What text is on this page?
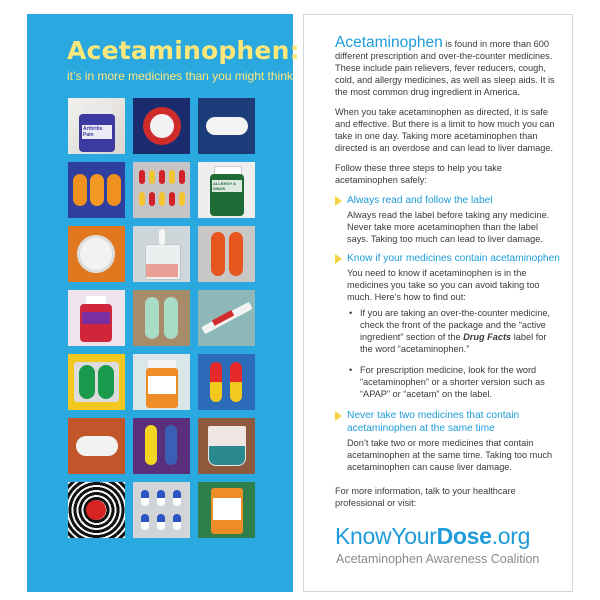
Acetaminophen:

it’s in more medicines than you might think

Arthritis Pain
ALLERGY & SINUS HEADACHE

Acetaminophen is found in more than 600 different prescription and over-the-counter medicines. These include pain relievers, fever reducers, cough, cold, and allergy medicines, as well as sleep aids. It is the most common drug ingredient in America.

When you take acetaminophen as directed, it is safe and effective. But there is a limit to how much you can take in one day. Taking more acetaminophen than directed is an overdose and can lead to liver damage.

Follow these three steps to help you take acetaminophen safely:

Always read and follow the label

Always read the label before taking any medicine. Never take more acetaminophen than the label says. Taking too much can lead to liver damage.

Know if your medicines contain acetaminophen

You need to know if acetaminophen is in the medicines you take so you can avoid taking too much. Here’s how to find out:

• If you are taking an over-the-counter medicine, check the front of the package and the “active ingredient” section of the Drug Facts label for the word “acetaminophen.”
• For prescription medicine, look for the word “acetaminophen” or a shorter version such as “APAP” or “acetam” on the label.

Never take two medicines that contain acetaminophen at the same time

Don’t take two or more medicines that contain acetaminophen at the same time. Taking too much acetaminophen can cause liver damage.

For more information, talk to your healthcare professional or visit:

KnowYourDose.org

Acetaminophen Awareness Coalition
